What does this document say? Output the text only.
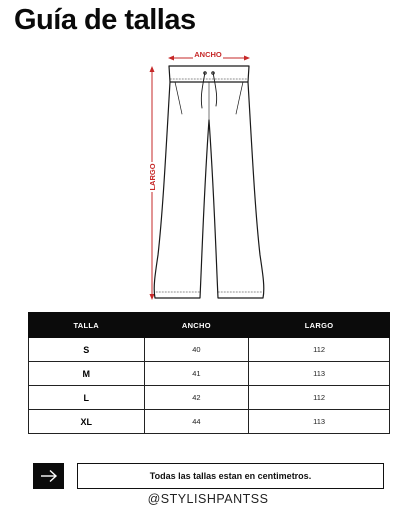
Guía de tallas
ANCHO
LARGO
TALLA	ANCHO	LARGO
S	40	112
M	41	113
L	42	112
XL	44	113
Todas las tallas estan en centimetros.
@STYLISHPANTSS
